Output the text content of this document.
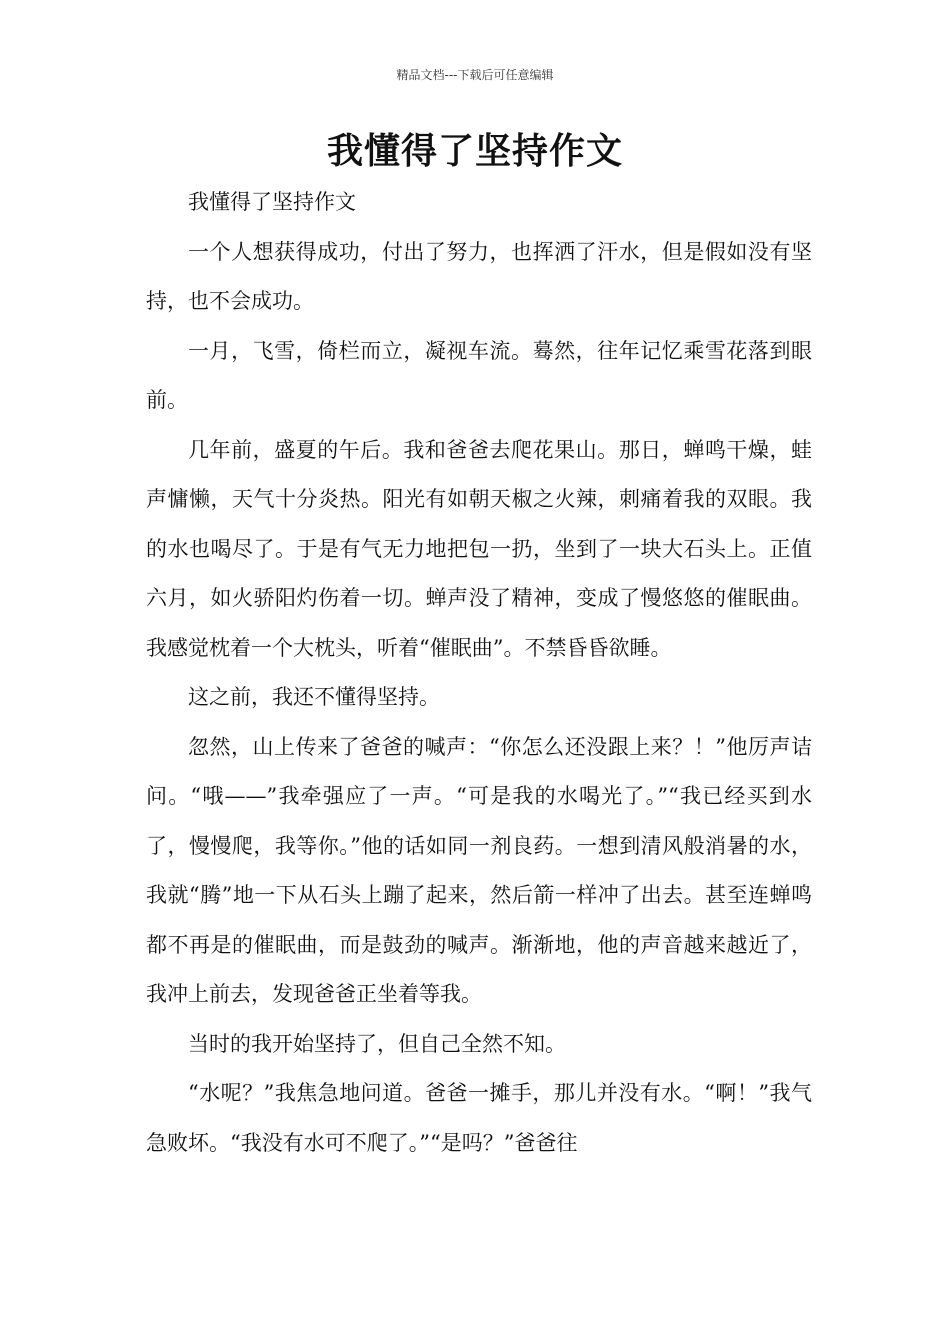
精品文档---下载后可任意编辑
我懂得了坚持作文

我懂得了坚持作文

一个人想获得成功，付出了努力，也挥洒了汗水，但是假如没有坚持，也不会成功。

一月，飞雪，倚栏而立，凝视车流。蓦然，往年记忆乘雪花落到眼前。

几年前，盛夏的午后。我和爸爸去爬花果山。那日，蝉鸣干燥，蛙声慵懒，天气十分炎热。阳光有如朝天椒之火辣，刺痛着我的双眼。我的水也喝尽了。于是有气无力地把包一扔，坐到了一块大石头上。正值六月，如火骄阳灼伤着一切。蝉声没了精神，变成了慢悠悠的催眠曲。我感觉枕着一个大枕头，听着“催眠曲”。不禁昏昏欲睡。

这之前，我还不懂得坚持。

忽然，山上传来了爸爸的喊声：“你怎么还没跟上来？！”他厉声诘问。“哦——”我牵强应了一声。“可是我的水喝光了。”“我已经买到水了，慢慢爬，我等你。”他的话如同一剂良药。一想到清风般消暑的水，我就“腾”地一下从石头上蹦了起来，然后箭一样冲了出去。甚至连蝉鸣都不再是的催眠曲，而是鼓劲的喊声。渐渐地，他的声音越来越近了，我冲上前去，发现爸爸正坐着等我。

当时的我开始坚持了，但自己全然不知。

“水呢？”我焦急地问道。爸爸一摊手，那儿并没有水。“啊！”我气急败坏。“我没有水可不爬了。”“是吗？”爸爸往
